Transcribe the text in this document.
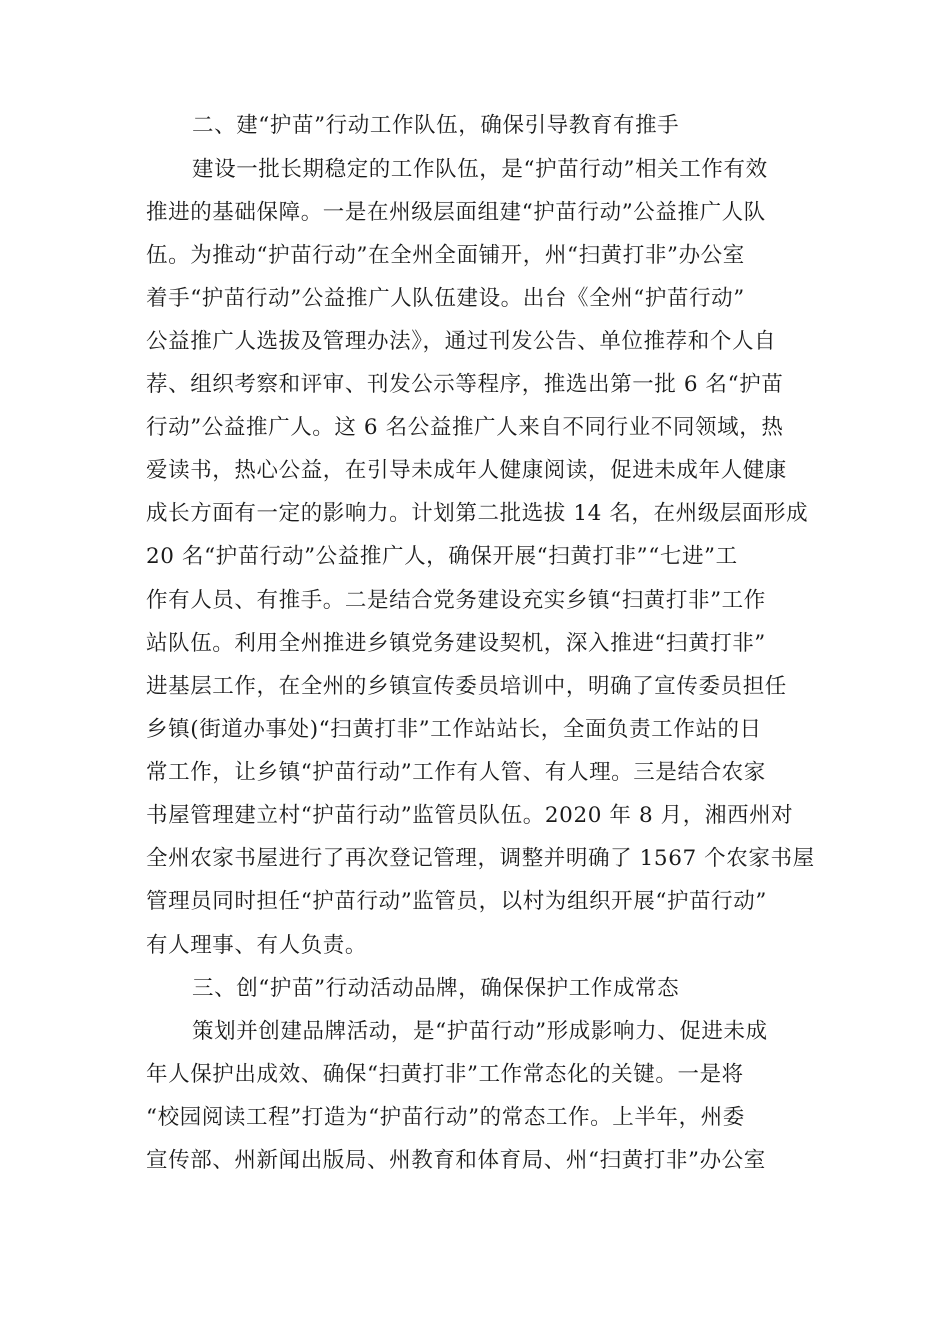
二、建“护苗”行动工作队伍，确保引导教育有推手
建设一批长期稳定的工作队伍，是“护苗行动”相关工作有效
推进的基础保障。一是在州级层面组建“护苗行动”公益推广人队
伍。为推动“护苗行动”在全州全面铺开，州“扫黄打非”办公室
着手“护苗行动”公益推广人队伍建设。出台《全州“护苗行动”
公益推广人选拔及管理办法》，通过刊发公告、单位推荐和个人自
荐、组织考察和评审、刊发公示等程序，推选出第一批 6 名“护苗
行动”公益推广人。这 6 名公益推广人来自不同行业不同领域，热
爱读书，热心公益，在引导未成年人健康阅读，促进未成年人健康
成长方面有一定的影响力。计划第二批选拔 14 名，在州级层面形成
20 名“护苗行动”公益推广人，确保开展“扫黄打非”“七进”工
作有人员、有推手。二是结合党务建设充实乡镇“扫黄打非”工作
站队伍。利用全州推进乡镇党务建设契机，深入推进“扫黄打非”
进基层工作，在全州的乡镇宣传委员培训中，明确了宣传委员担任
乡镇(街道办事处)“扫黄打非”工作站站长，全面负责工作站的日
常工作，让乡镇“护苗行动”工作有人管、有人理。三是结合农家
书屋管理建立村“护苗行动”监管员队伍。2020 年 8 月，湘西州对
全州农家书屋进行了再次登记管理，调整并明确了 1567 个农家书屋
管理员同时担任“护苗行动”监管员，以村为组织开展“护苗行动”
有人理事、有人负责。
三、创“护苗”行动活动品牌，确保保护工作成常态
策划并创建品牌活动，是“护苗行动”形成影响力、促进未成
年人保护出成效、确保“扫黄打非”工作常态化的关键。一是将
“校园阅读工程”打造为“护苗行动”的常态工作。上半年，州委
宣传部、州新闻出版局、州教育和体育局、州“扫黄打非”办公室
